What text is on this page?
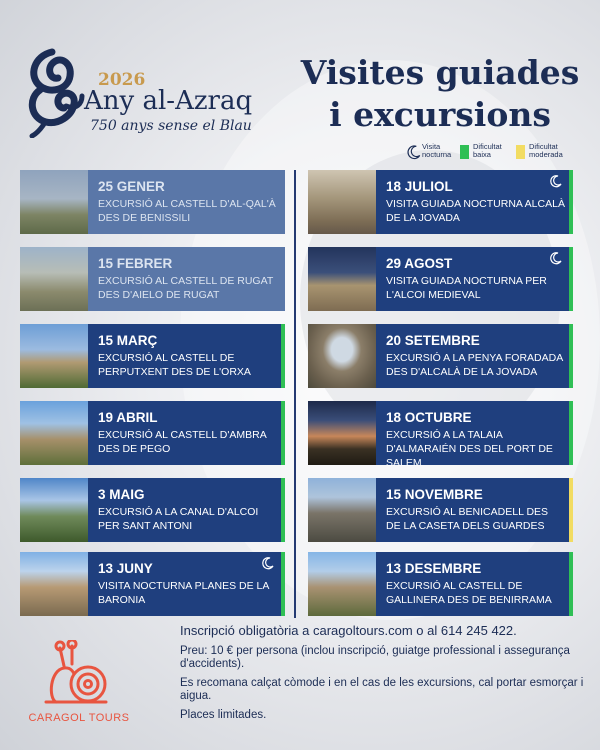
2026
Any al-Azraq
750 anys sense el Blau
Visites guiades
i excursions
Visita nocturna
Dificultat baixa
Dificultat moderada
25 GENER
EXCURSIÓ AL CASTELL D'AL-QAL'À DES DE BENISSILI
15 FEBRER
EXCURSIÓ AL CASTELL DE RUGAT DES D'AIELO DE RUGAT
15 MARÇ
EXCURSIÓ AL CASTELL DE PERPUTXENT DES DE L'ORXA
19 ABRIL
EXCURSIÓ AL CASTELL D'AMBRA DES DE PEGO
3 MAIG
EXCURSIÓ A LA CANAL D'ALCOI PER SANT ANTONI
13 JUNY
VISITA NOCTURNA PLANES DE LA BARONIA
18 JULIOL
VISITA GUIADA NOCTURNA ALCALÀ DE LA JOVADA
29 AGOST
VISITA GUIADA NOCTURNA PER L'ALCOI MEDIEVAL
20 SETEMBRE
EXCURSIÓ A LA PENYA FORADADA DES D'ALCALÀ DE LA JOVADA
18 OCTUBRE
EXCURSIÓ A LA TALAIA D'ALMARAIÉN DES DEL PORT DE SALEM
15 NOVEMBRE
EXCURSIÓ AL BENICADELL DES DE LA CASETA DELS GUARDES
13 DESEMBRE
EXCURSIÓ AL CASTELL DE GALLINERA DES DE BENIRRAMA

Inscripció obligatòria a caragoltours.com o al 614 245 422.

Preu: 10 € per persona (inclou inscripció, guiatge professional i assegurança d'accidents).

Es recomana calçat còmode i en el cas de les excursions, cal portar esmorçar i aigua.

Places limitades.

CARAGOL TOURS
